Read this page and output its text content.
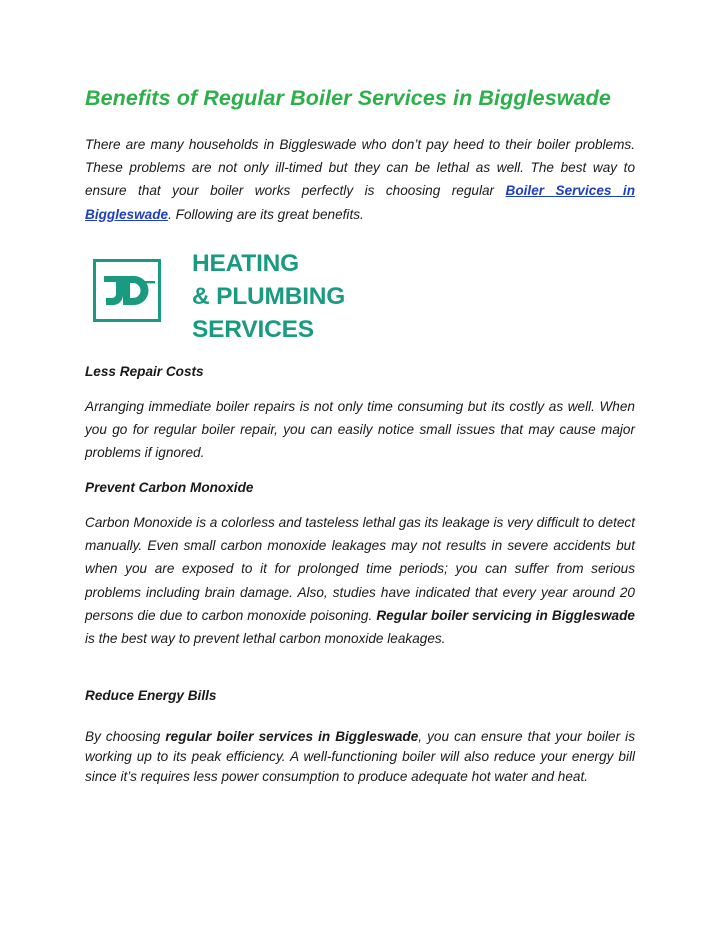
Benefits of Regular Boiler Services in Biggleswade

There are many households in Biggleswade who don’t pay heed to their boiler problems. These problems are not only ill-timed but they can be lethal as well. The best way to ensure that your boiler works perfectly is choosing regular Boiler Services in Biggleswade. Following are its great benefits.

HEATING
& PLUMBING
SERVICES
Less Repair Costs

Arranging immediate boiler repairs is not only time consuming but its costly as well. When you go for regular boiler repair, you can easily notice small issues that may cause major problems if ignored.

Prevent Carbon Monoxide

Carbon Monoxide is a colorless and tasteless lethal gas its leakage is very difficult to detect manually. Even small carbon monoxide leakages may not results in severe accidents but when you are exposed to it for prolonged time periods; you can suffer from serious problems including brain damage. Also, studies have indicated that every year around 20 persons die due to carbon monoxide poisoning. Regular boiler servicing in Biggleswade is the best way to prevent lethal carbon monoxide leakages.

Reduce Energy Bills

By choosing regular boiler services in Biggleswade, you can ensure that your boiler is working up to its peak efficiency. A well-functioning boiler will also reduce your energy bill since it’s requires less power consumption to produce adequate hot water and heat.
